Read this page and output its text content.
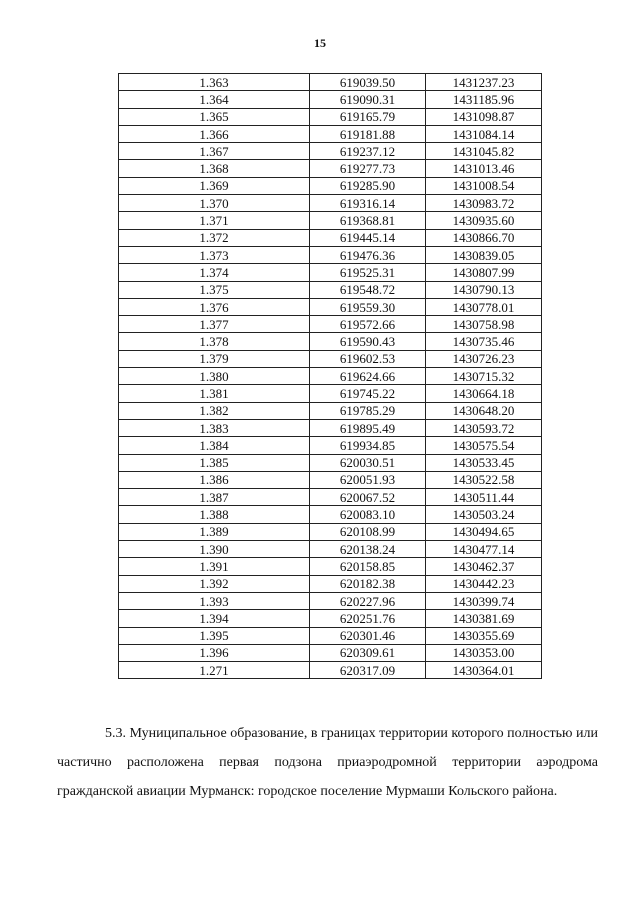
15
1.363	619039.50	1431237.23
1.364	619090.31	1431185.96
1.365	619165.79	1431098.87
1.366	619181.88	1431084.14
1.367	619237.12	1431045.82
1.368	619277.73	1431013.46
1.369	619285.90	1431008.54
1.370	619316.14	1430983.72
1.371	619368.81	1430935.60
1.372	619445.14	1430866.70
1.373	619476.36	1430839.05
1.374	619525.31	1430807.99
1.375	619548.72	1430790.13
1.376	619559.30	1430778.01
1.377	619572.66	1430758.98
1.378	619590.43	1430735.46
1.379	619602.53	1430726.23
1.380	619624.66	1430715.32
1.381	619745.22	1430664.18
1.382	619785.29	1430648.20
1.383	619895.49	1430593.72
1.384	619934.85	1430575.54
1.385	620030.51	1430533.45
1.386	620051.93	1430522.58
1.387	620067.52	1430511.44
1.388	620083.10	1430503.24
1.389	620108.99	1430494.65
1.390	620138.24	1430477.14
1.391	620158.85	1430462.37
1.392	620182.38	1430442.23
1.393	620227.96	1430399.74
1.394	620251.76	1430381.69
1.395	620301.46	1430355.69
1.396	620309.61	1430353.00
1.271	620317.09	1430364.01

5.3. Муниципальное образование, в границах территории которого полностью или частично расположена первая подзона приаэродромной территории аэродрома гражданской авиации Мурманск: городское поселение Мурмаши Кольского района.
